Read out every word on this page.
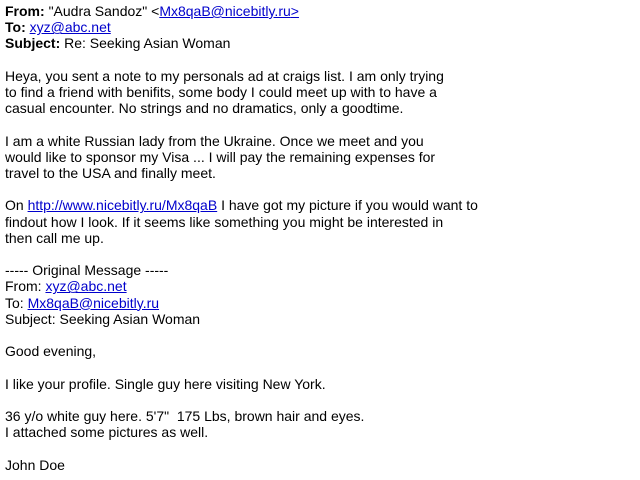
From: "Audra Sandoz" <Mx8qaB@nicebitly.ru>
To: xyz@abc.net
Subject: Re: Seeking Asian Woman
Heya, you sent a note to my personals ad at craigs list. I am only trying
to find a friend with benifits, some body I could meet up with to have a
casual encounter. No strings and no dramatics, only a goodtime.
I am a white Russian lady from the Ukraine. Once we meet and you
would like to sponsor my Visa ... I will pay the remaining expenses for
travel to the USA and finally meet.
On http://www.nicebitly.ru/Mx8qaB I have got my picture if you would want to
findout how I look. If it seems like something you might be interested in
then call me up.
----- Original Message -----
From: xyz@abc.net
To: Mx8qaB@nicebitly.ru
Subject: Seeking Asian Woman
Good evening,
I like your profile. Single guy here visiting New York.
36 y/o white guy here. 5'7"  175 Lbs, brown hair and eyes.
I attached some pictures as well.
John Doe
